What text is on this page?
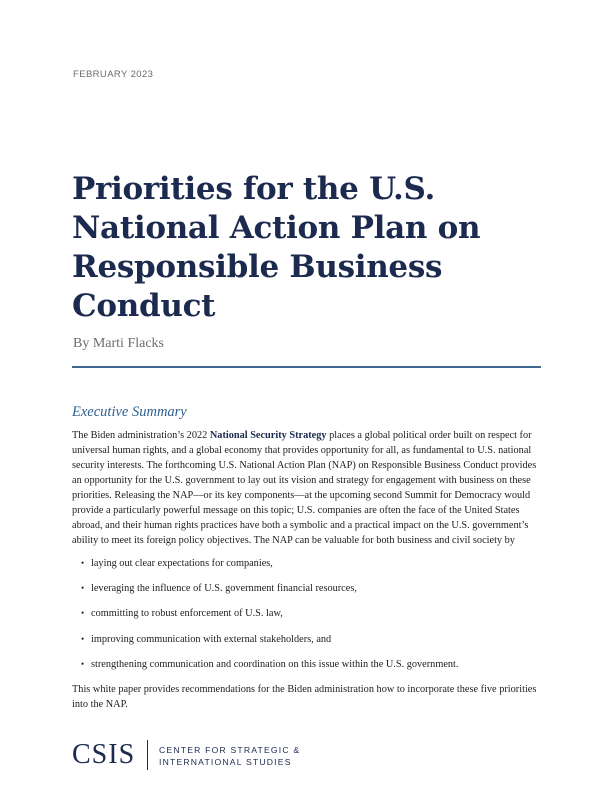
FEBRUARY 2023
Priorities for the U.S.
National Action Plan on
Responsible Business
Conduct
By Marti Flacks
Executive Summary

The Biden administration’s 2022 National Security Strategy places a global political order built on respect for universal human rights, and a global economy that provides opportunity for all, as fundamental to U.S. national security interests. The forthcoming U.S. National Action Plan (NAP) on Responsible Business Conduct provides an opportunity for the U.S. government to lay out its vision and strategy for engagement with business on these priorities. Releasing the NAP—or its key components—at the upcoming second Summit for Democracy would provide a particularly powerful message on this topic; U.S. companies are often the face of the United States abroad, and their human rights practices have both a symbolic and a practical impact on the U.S. government’s ability to meet its foreign policy objectives. The NAP can be valuable for both business and civil society by

• laying out clear expectations for companies,
• leveraging the influence of U.S. government financial resources,
• committing to robust enforcement of U.S. law,
• improving communication with external stakeholders, and
• strengthening communication and coordination on this issue within the U.S. government.

This white paper provides recommendations for the Biden administration how to incorporate these five priorities into the NAP.

CSIS	CENTER FOR STRATEGIC &
INTERNATIONAL STUDIES
